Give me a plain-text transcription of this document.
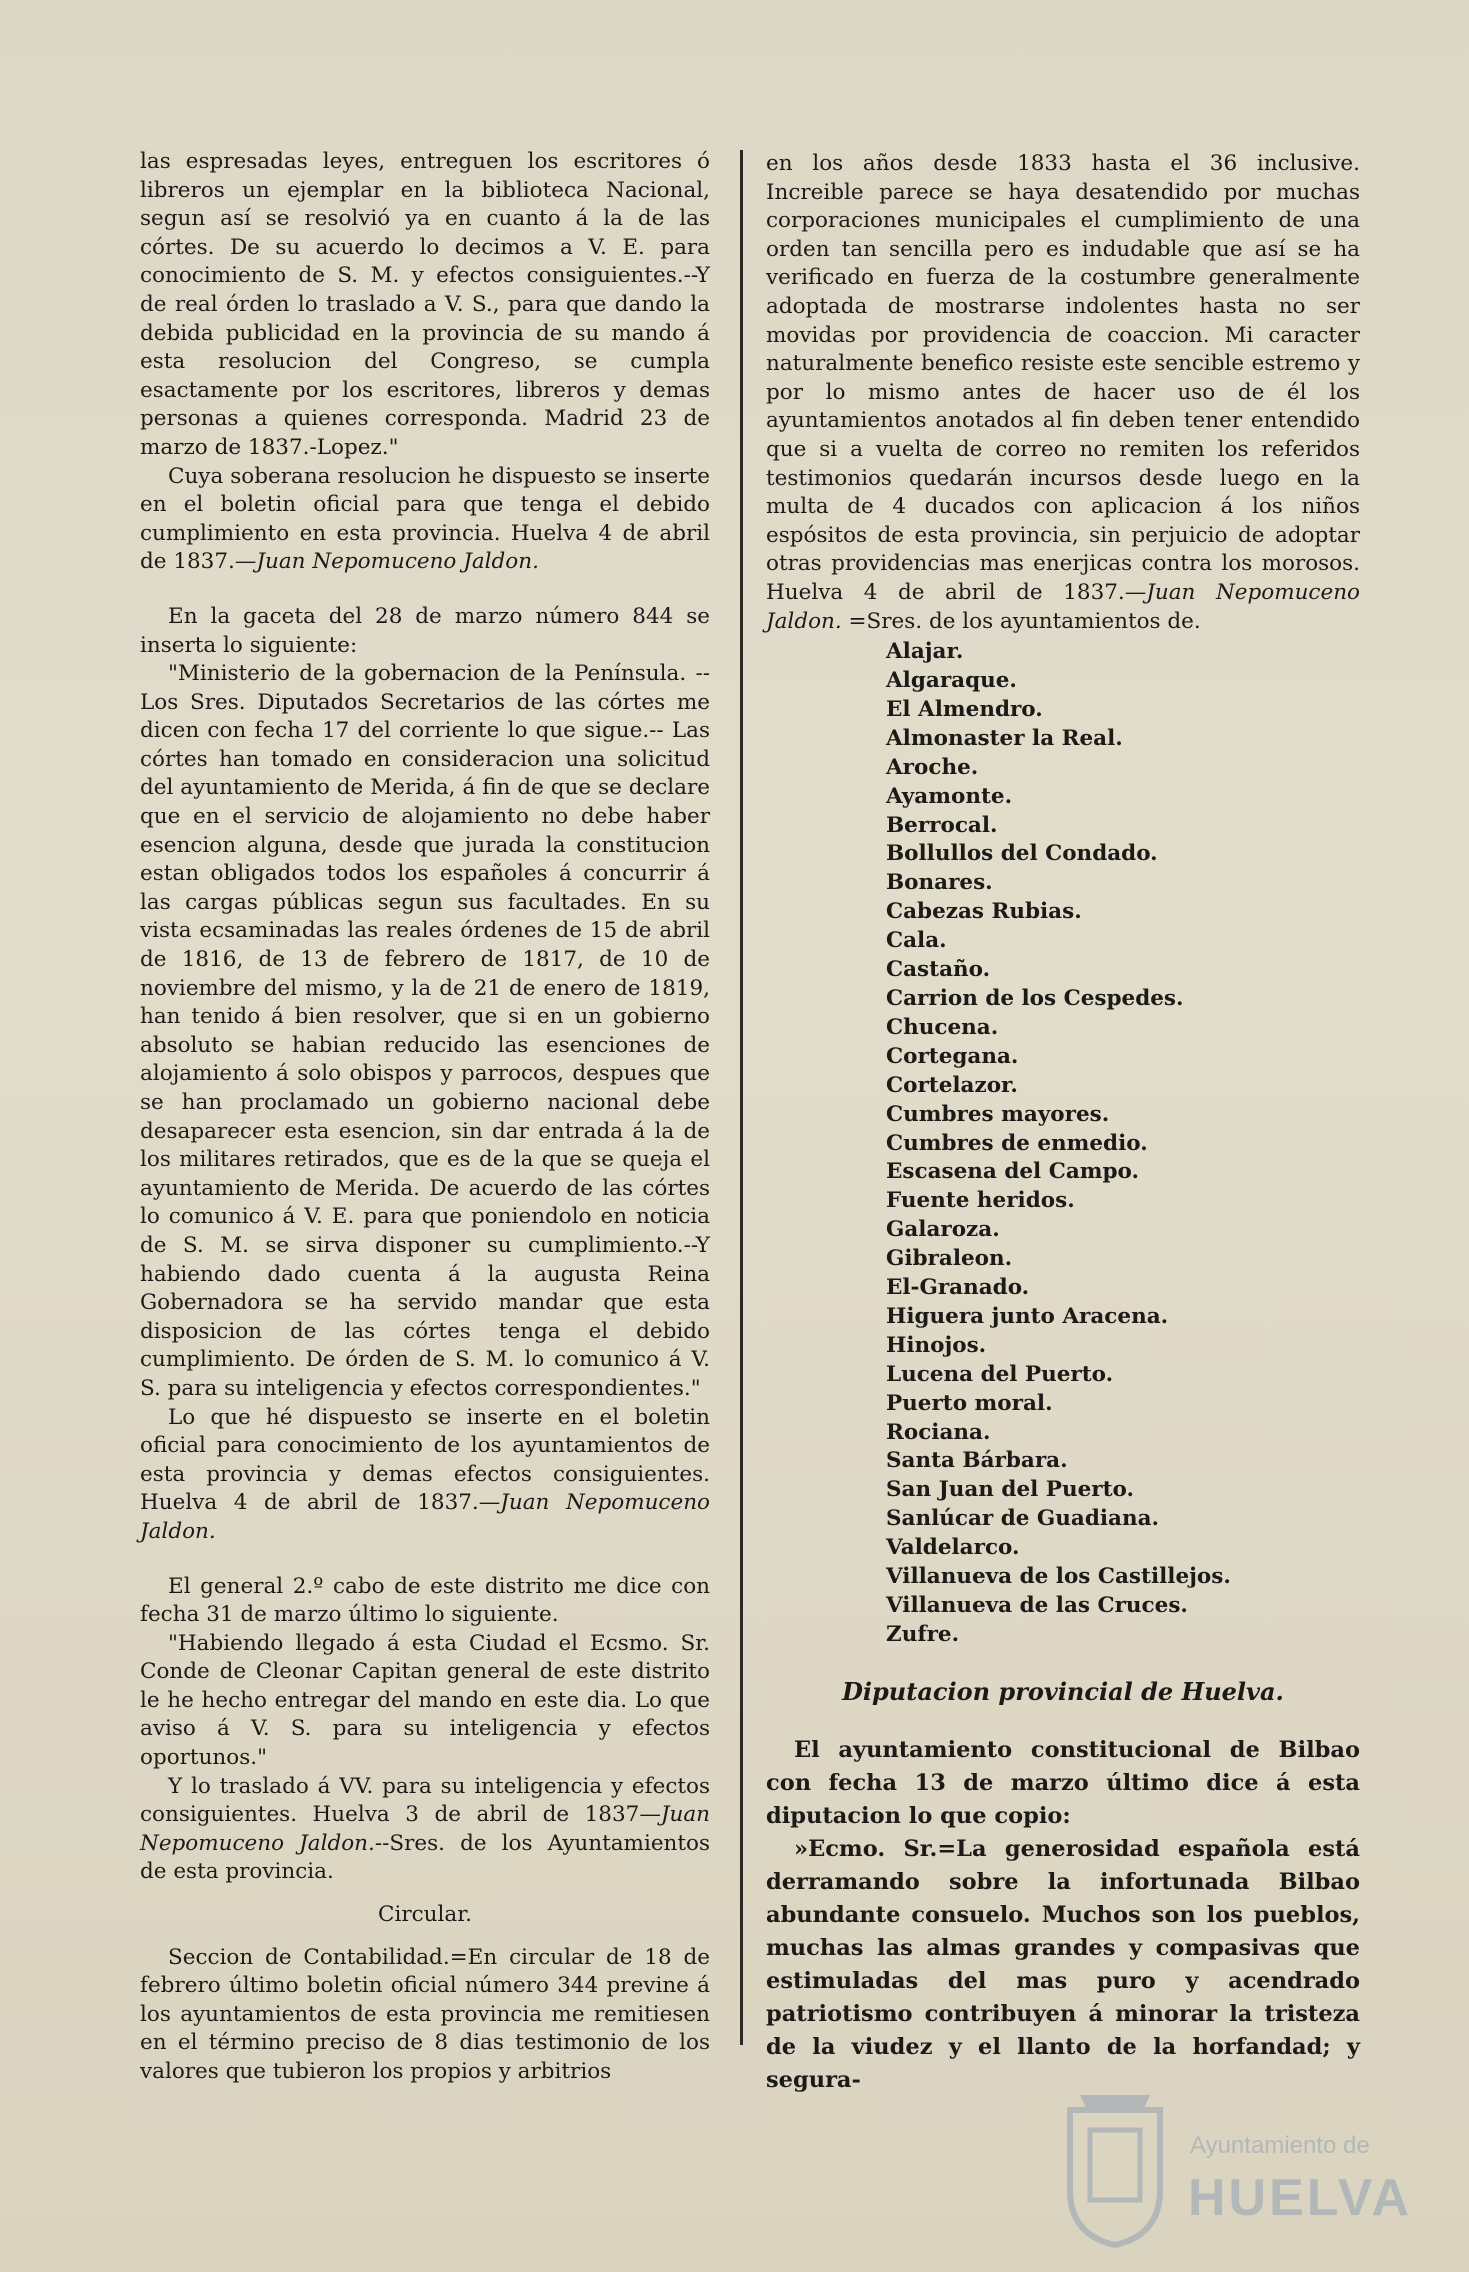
las espresadas leyes, entreguen los escritores ó libreros un ejemplar en la biblioteca Nacional, segun así se resolvió ya en cuanto á la de las córtes. De su acuerdo lo decimos a V. E. para conocimiento de S. M. y efectos consiguientes.--Y de real órden lo traslado a V. S., para que dando la debida publicidad en la provincia de su mando á esta resolucion del Congreso, se cumpla esactamente por los escritores, libreros y demas personas a quienes corresponda. Madrid 23 de marzo de 1837.-Lopez."

Cuya soberana resolucion he dispuesto se inserte en el boletin oficial para que tenga el debido cumplimiento en esta provincia. Huelva 4 de abril de 1837.—Juan Nepomuceno Jaldon.

En la gaceta del 28 de marzo número 844 se inserta lo siguiente:

"Ministerio de la gobernacion de la Península. --Los Sres. Diputados Secretarios de las córtes me dicen con fecha 17 del corriente lo que sigue.-- Las córtes han tomado en consideracion una solicitud del ayuntamiento de Merida, á fin de que se declare que en el servicio de alojamiento no debe haber esencion alguna, desde que jurada la constitucion estan obligados todos los españoles á concurrir á las cargas públicas segun sus facultades. En su vista ecsaminadas las reales órdenes de 15 de abril de 1816, de 13 de febrero de 1817, de 10 de noviembre del mismo, y la de 21 de enero de 1819, han tenido á bien resolver, que si en un gobierno absoluto se habian reducido las esenciones de alojamiento á solo obispos y parrocos, despues que se han proclamado un gobierno nacional debe desaparecer esta esencion, sin dar entrada á la de los militares retirados, que es de la que se queja el ayuntamiento de Merida. De acuerdo de las córtes lo comunico á V. E. para que poniendolo en noticia de S. M. se sirva disponer su cumplimiento.--Y habiendo dado cuenta á la augusta Reina Gobernadora se ha servido mandar que esta disposicion de las córtes tenga el debido cumplimiento. De órden de S. M. lo comunico á V. S. para su inteligencia y efectos correspondientes."

Lo que hé dispuesto se inserte en el boletin oficial para conocimiento de los ayuntamientos de esta provincia y demas efectos consiguientes. Huelva 4 de abril de 1837.—Juan Nepomuceno Jaldon.

El general 2.º cabo de este distrito me dice con fecha 31 de marzo último lo siguiente.

"Habiendo llegado á esta Ciudad el Ecsmo. Sr. Conde de Cleonar Capitan general de este distrito le he hecho entregar del mando en este dia. Lo que aviso á V. S. para su inteligencia y efectos oportunos."

Y lo traslado á VV. para su inteligencia y efectos consiguientes. Huelva 3 de abril de 1837—Juan Nepomuceno Jaldon.--Sres. de los Ayuntamientos de esta provincia.

Circular.

Seccion de Contabilidad.=En circular de 18 de febrero último boletin oficial número 344 previne á los ayuntamientos de esta provincia me remitiesen en el término preciso de 8 dias testimonio de los valores que tubieron los propios y arbitrios

en los años desde 1833 hasta el 36 inclusive. Increible parece se haya desatendido por muchas corporaciones municipales el cumplimiento de una orden tan sencilla pero es indudable que así se ha verificado en fuerza de la costumbre generalmente adoptada de mostrarse indolentes hasta no ser movidas por providencia de coaccion. Mi caracter naturalmente benefico resiste este sencible estremo y por lo mismo antes de hacer uso de él los ayuntamientos anotados al fin deben tener entendido que si a vuelta de correo no remiten los referidos testimonios quedarán incursos desde luego en la multa de 4 ducados con aplicacion á los niños espósitos de esta provincia, sin perjuicio de adoptar otras providencias mas enerjicas contra los morosos. Huelva 4 de abril de 1837.—Juan Nepomuceno Jaldon. =Sres. de los ayuntamientos de.

Alajar.
Algaraque.
El Almendro.
Almonaster la Real.
Aroche.
Ayamonte.
Berrocal.
Bollullos del Condado.
Bonares.
Cabezas Rubias.
Cala.
Castaño.
Carrion de los Cespedes.
Chucena.
Cortegana.
Cortelazor.
Cumbres mayores.
Cumbres de enmedio.
Escasena del Campo.
Fuente heridos.
Galaroza.
Gibraleon.
El-Granado.
Higuera junto Aracena.
Hinojos.
Lucena del Puerto.
Puerto moral.
Rociana.
Santa Bárbara.
San Juan del Puerto.
Sanlúcar de Guadiana.
Valdelarco.
Villanueva de los Castillejos.
Villanueva de las Cruces.
Zufre.
Diputacion provincial de Huelva.

El ayuntamiento constitucional de Bilbao con fecha 13 de marzo último dice á esta diputacion lo que copio:

»Ecmo. Sr.=La generosidad española está derramando sobre la infortunada Bilbao abundante consuelo. Muchos son los pueblos, muchas las almas grandes y compasivas que estimuladas del mas puro y acendrado patriotismo contribuyen á minorar la tristeza de la viudez y el llanto de la horfandad; y segura-

Ayuntamiento de
HUELVA
